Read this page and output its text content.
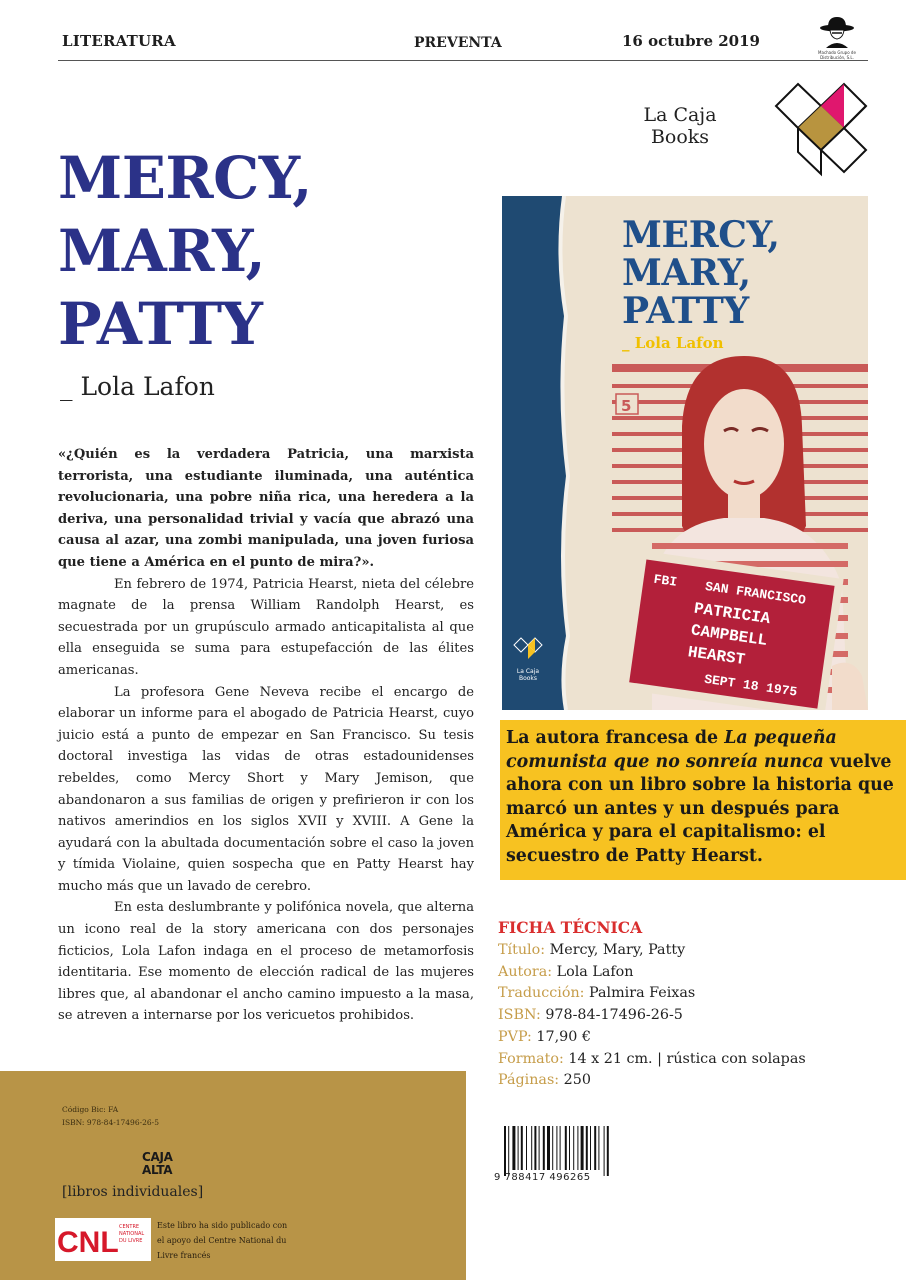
LITERATURA	PREVENTA	16 octubre 2019
Machado Grupo de Distribución, S.L.
La Caja
Books
MERCY,
MARY,
PATTY
_ Lola Lafon

«¿Quién es la verdadera Patricia, una marxista terrorista, una estudiante iluminada, una auténtica revolucionaria, una pobre niña rica, una heredera a la deriva, una personalidad trivial y vacía que abrazó una causa al azar, una zombi manipulada, una joven furiosa que tiene a América en el punto de mira?».

En febrero de 1974, Patricia Hearst, nieta del célebre magnate de la prensa William Randolph Hearst, es secuestrada por un grupúsculo armado anticapitalista al que ella enseguida se suma para estupefacción de las élites americanas.

La profesora Gene Neveva recibe el encargo de elaborar un informe para el abogado de Patricia Hearst, cuyo juicio está a punto de empezar en San Francisco. Su tesis doctoral investiga las vidas de otras estadounidenses rebeldes, como Mercy Short y Mary Jemison, que abandonaron a sus familias de origen y prefirieron ir con los nativos amerindios en los siglos XVII y XVIII. A Gene la ayudará con la abultada documentación sobre el caso la joven y tímida Violaine, quien sospecha que en Patty Hearst hay mucho más que un lavado de cerebro.

En esta deslumbrante y polifónica novela, que alterna un icono real de la story americana con dos personajes ficticios, Lola Lafon indaga en el proceso de metamorfosis identitaria. Ese momento de elección radical de las mujeres libres que, al abandonar el ancho camino impuesto a la masa, se atreven a internarse por los vericuetos prohibidos.

Código Bic: FA
ISBN: 978-84-17496-26-5
CAJA
ALTA
[libros individuales]
CNL CENTRE
NATIONAL
DU LIVRE
Este libro ha sido publicado con el apoyo del Centre National du Livre francés
5
FBI SAN FRANCISCO
PATRICIA
CAMPBELL
HEARST
SEPT 18 1975
MERCY,
MARY,
PATTY
_ Lola Lafon
La Caja Books
La autora francesa de La pequeña comunista que no sonreía nunca vuelve ahora con un libro sobre la historia que marcó un antes y un después para América y para el capitalismo: el secuestro de Patty Hearst.
FICHA TÉCNICA
Título: Mercy, Mary, Patty
Autora: Lola Lafon
Traducción: Palmira Feixas
ISBN: 978-84-17496-26-5
PVP: 17,90 €
Formato: 14 x 21 cm. | rústica con solapas
Páginas: 250
9 788417 496265
